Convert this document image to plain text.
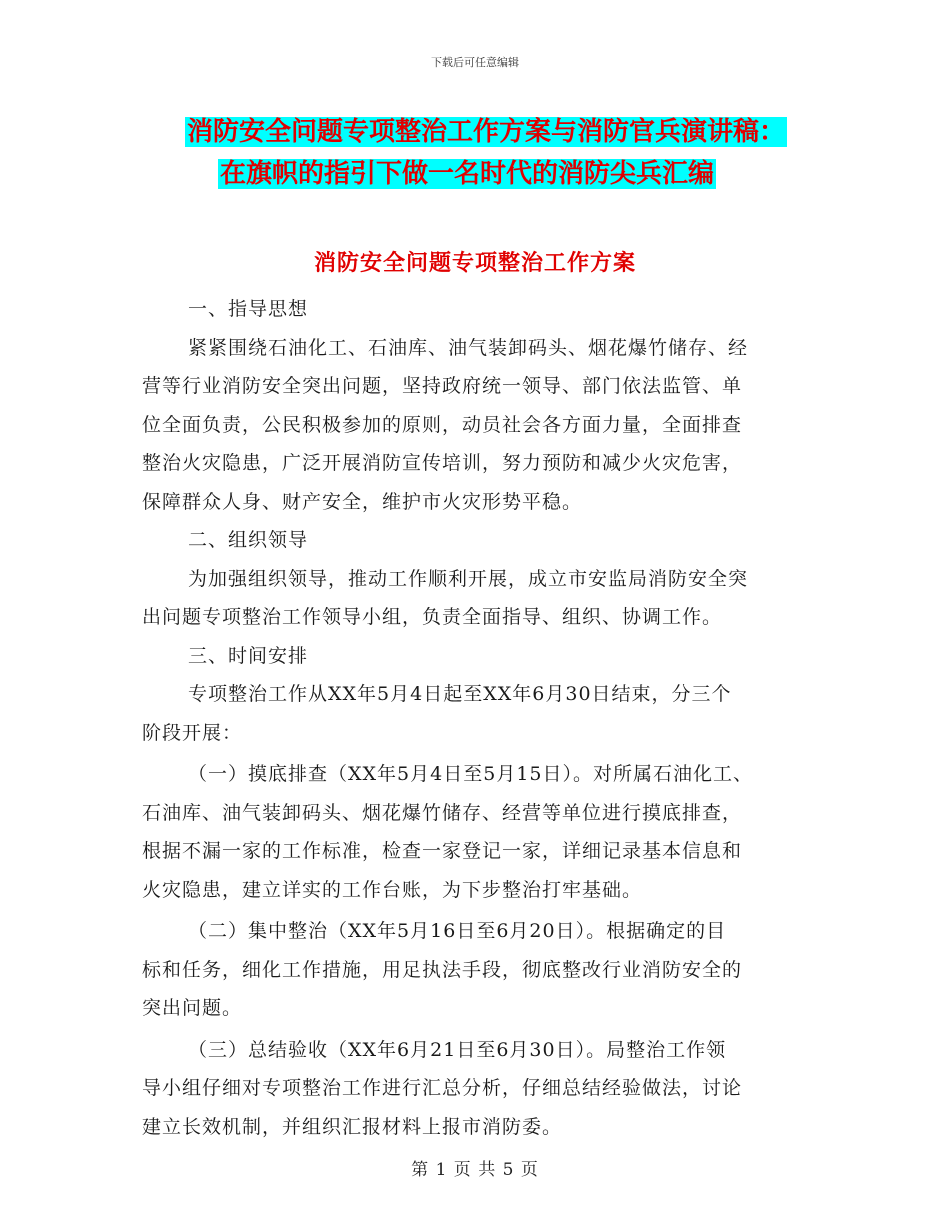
下载后可任意编辑
消防安全问题专项整治工作方案与消防官兵演讲稿：
在旗帜的指引下做一名时代的消防尖兵汇编
消防安全问题专项整治工作方案
一、指导思想
紧紧围绕石油化工、石油库、油气装卸码头、烟花爆竹储存、经
营等行业消防安全突出问题，坚持政府统一领导、部门依法监管、单
位全面负责，公民积极参加的原则，动员社会各方面力量，全面排查
整治火灾隐患，广泛开展消防宣传培训，努力预防和减少火灾危害，
保障群众人身、财产安全，维护市火灾形势平稳。
二、组织领导
为加强组织领导，推动工作顺利开展，成立市安监局消防安全突
出问题专项整治工作领导小组，负责全面指导、组织、协调工作。
三、时间安排
专项整治工作从XX年5月4日起至XX年6月30日结束，分三个
阶段开展：
（一）摸底排查（XX年5月4日至5月15日）。对所属石油化工、
石油库、油气装卸码头、烟花爆竹储存、经营等单位进行摸底排查，
根据不漏一家的工作标准，检查一家登记一家，详细记录基本信息和
火灾隐患，建立详实的工作台账，为下步整治打牢基础。
（二）集中整治（XX年5月16日至6月20日）。根据确定的目
标和任务，细化工作措施，用足执法手段，彻底整改行业消防安全的
突出问题。
（三）总结验收（XX年6月21日至6月30日）。局整治工作领
导小组仔细对专项整治工作进行汇总分析，仔细总结经验做法，讨论
建立长效机制，并组织汇报材料上报市消防委。
第 1 页 共 5 页
